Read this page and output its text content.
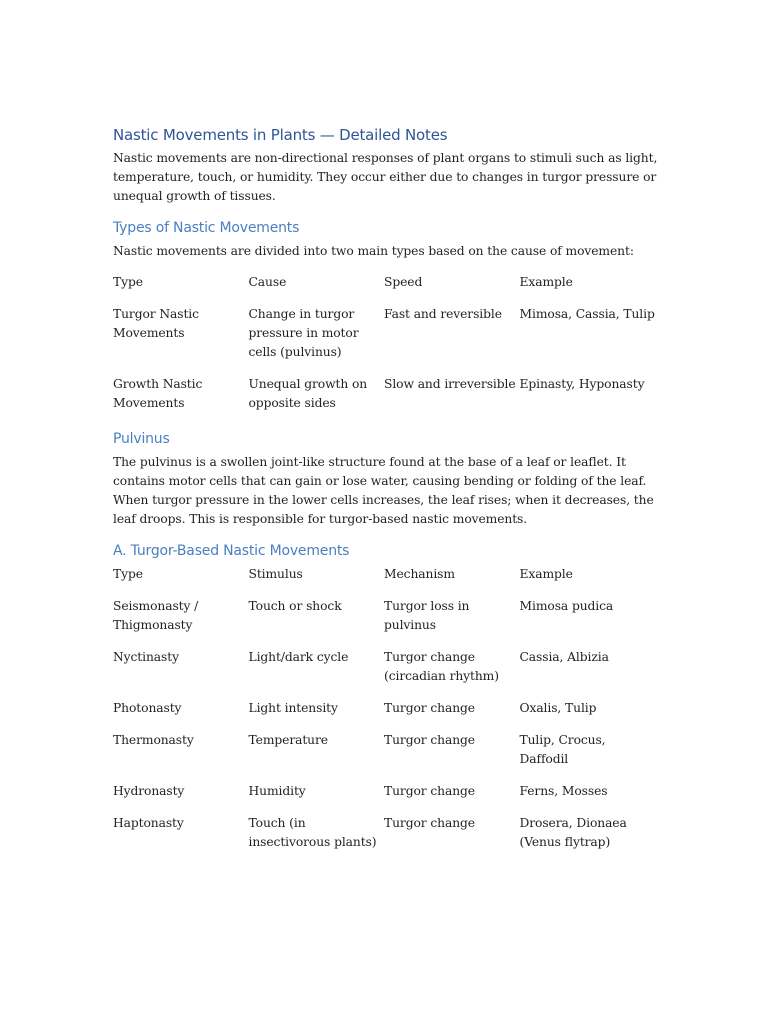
Nastic Movements in Plants — Detailed Notes

Nastic movements are non-directional responses of plant organs to stimuli such as light, temperature, touch, or humidity. They occur either due to changes in turgor pressure or unequal growth of tissues.

Types of Nastic Movements

Nastic movements are divided into two main types based on the cause of movement:

Type	Cause	Speed	Example
Turgor Nastic Movements	Change in turgor pressure in motor cells (pulvinus)	Fast and reversible	Mimosa, Cassia, Tulip
Growth Nastic Movements	Unequal growth on opposite sides	Slow and irreversible	Epinasty, Hyponasty
Pulvinus

The pulvinus is a swollen joint-like structure found at the base of a leaf or leaflet. It contains motor cells that can gain or lose water, causing bending or folding of the leaf. When turgor pressure in the lower cells increases, the leaf rises; when it decreases, the leaf droops. This is responsible for turgor-based nastic movements.

A. Turgor-Based Nastic Movements
Type	Stimulus	Mechanism	Example
Seismonasty / Thigmonasty	Touch or shock	Turgor loss in pulvinus	Mimosa pudica
Nyctinasty	Light/dark cycle	Turgor change (circadian rhythm)	Cassia, Albizia
Photonasty	Light intensity	Turgor change	Oxalis, Tulip
Thermonasty	Temperature	Turgor change	Tulip, Crocus, Daffodil
Hydronasty	Humidity	Turgor change	Ferns, Mosses
Haptonasty	Touch (in insectivorous plants)	Turgor change	Drosera, Dionaea (Venus flytrap)
